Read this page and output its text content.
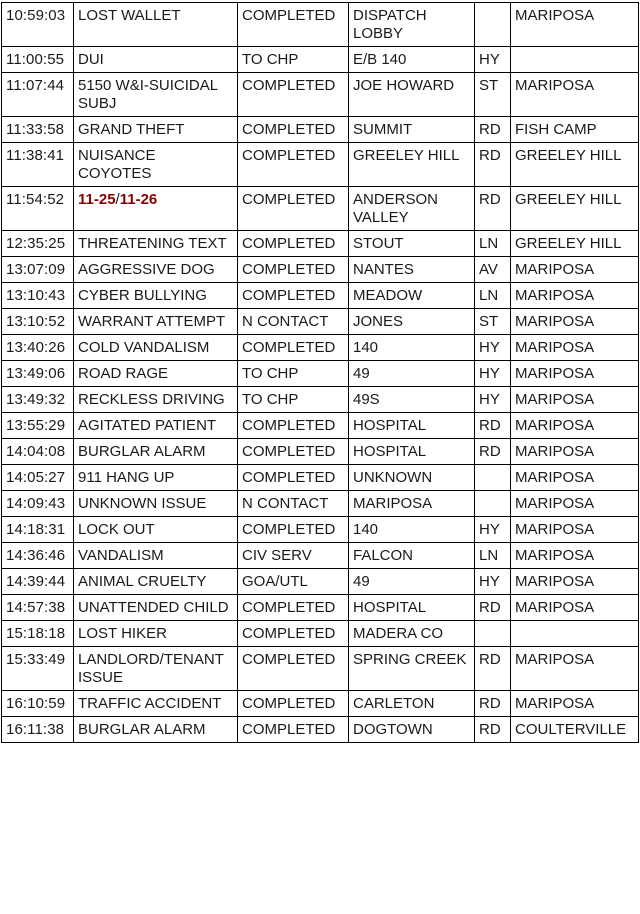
10:59:03	LOST WALLET	COMPLETED	DISPATCH LOBBY		MARIPOSA
11:00:55	DUI	TO CHP	E/B 140	HY	
11:07:44	5150 W&I-SUICIDAL SUBJ	COMPLETED	JOE HOWARD	ST	MARIPOSA
11:33:58	GRAND THEFT	COMPLETED	SUMMIT	RD	FISH CAMP
11:38:41	NUISANCE COYOTES	COMPLETED	GREELEY HILL	RD	GREELEY HILL
11:54:52	11-25/11-26	COMPLETED	ANDERSON VALLEY	RD	GREELEY HILL
12:35:25	THREATENING TEXT	COMPLETED	STOUT	LN	GREELEY HILL
13:07:09	AGGRESSIVE DOG	COMPLETED	NANTES	AV	MARIPOSA
13:10:43	CYBER BULLYING	COMPLETED	MEADOW	LN	MARIPOSA
13:10:52	WARRANT ATTEMPT	N CONTACT	JONES	ST	MARIPOSA
13:40:26	COLD VANDALISM	COMPLETED	140	HY	MARIPOSA
13:49:06	ROAD RAGE	TO CHP	49	HY	MARIPOSA
13:49:32	RECKLESS DRIVING	TO CHP	49S	HY	MARIPOSA
13:55:29	AGITATED PATIENT	COMPLETED	HOSPITAL	RD	MARIPOSA
14:04:08	BURGLAR ALARM	COMPLETED	HOSPITAL	RD	MARIPOSA
14:05:27	911 HANG UP	COMPLETED	UNKNOWN		MARIPOSA
14:09:43	UNKNOWN ISSUE	N CONTACT	MARIPOSA		MARIPOSA
14:18:31	LOCK OUT	COMPLETED	140	HY	MARIPOSA
14:36:46	VANDALISM	CIV SERV	FALCON	LN	MARIPOSA
14:39:44	ANIMAL CRUELTY	GOA/UTL	49	HY	MARIPOSA
14:57:38	UNATTENDED CHILD	COMPLETED	HOSPITAL	RD	MARIPOSA
15:18:18	LOST HIKER	COMPLETED	MADERA CO		
15:33:49	LANDLORD/TENANT ISSUE	COMPLETED	SPRING CREEK	RD	MARIPOSA
16:10:59	TRAFFIC ACCIDENT	COMPLETED	CARLETON	RD	MARIPOSA
16:11:38	BURGLAR ALARM	COMPLETED	DOGTOWN	RD	COULTERVILLE
